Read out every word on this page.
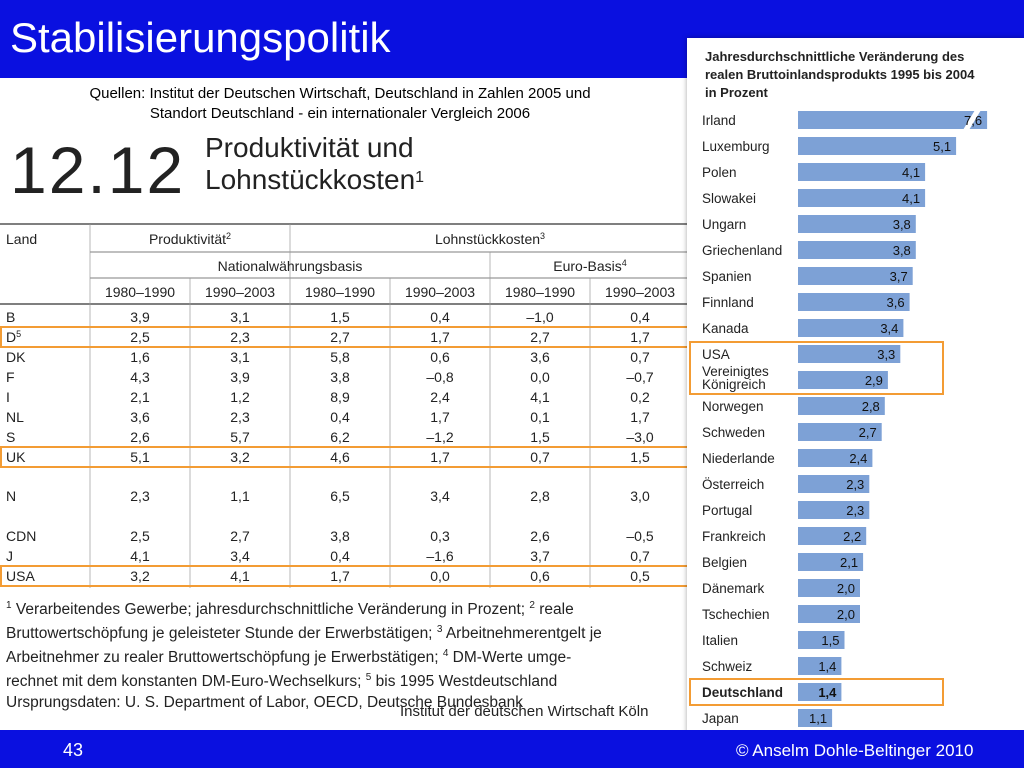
Stabilisierungspolitik
Quellen: Institut der Deutschen Wirtschaft, Deutschland in Zahlen 2005 und
Standort Deutschland - ein internationaler Vergleich 2006
12.12 Produktivität und
Lohnstückkosten$^1$
Land	Produktivität$^2$	Lohnstückkosten$^3$
Nationalwährungsbasis	Euro-Basis$^4$
1980–1990 1990–2003 1980–1990 1990–2003 1980–1990 1990–2003
B	3,9	3,1	1,5	0,4	–1,0	0,4
$D^5$	2,5	2,3	2,7	1,7	2,7	1,7
DK	1,6	3,1	5,8	0,6	3,6	0,7
F	4,3	3,9	3,8	–0,8	0,0	–0,7
I	2,1	1,2	8,9	2,4	4,1	0,2
NL	3,6	2,3	0,4	1,7	0,1	1,7
S	2,6	5,7	6,2	–1,2	1,5	–3,0
UK	5,1	3,2	4,6	1,7	0,7	1,5
N	2,3	1,1	6,5	3,4	2,8	3,0
CDN	2,5	2,7	3,8	0,3	2,6	–0,5
J	4,1	3,4	0,4	–1,6	3,7	0,7
USA	3,2	4,1	1,7	0,0	0,6	0,5
$^1$ Verarbeitendes Gewerbe; jahresdurchschnittliche Veränderung in Prozent; $^2$ reale
Bruttowertschöpfung je geleisteter Stunde der Erwerbstätigen; $^3$ Arbeitnehmerentgelt je
Arbeitnehmer zu realer Bruttowertschöpfung je Erwerbstätigen; $^4$ DM-Werte umge-
rechnet mit dem konstanten DM-Euro-Wechselkurs; $^5$ bis 1995 Westdeutschland
Ursprungsdaten: U. S. Department of Labor, OECD, Deutsche Bundesbank
Institut der deutschen Wirtschaft Köln
Irland	7,6
Luxemburg	5,1
Polen	4,1
Slowakei	4,1
Ungarn	3,8
Griechenland	3,8
Spanien	3,7
Finnland	3,6
Kanada	3,4
USA	3,3
Vereinigtes
Königreich	2,9
Norwegen	2,8
Schweden	2,7
Niederlande	2,4
Österreich	2,3
Portugal	2,3
Frankreich	2,2
Belgien	2,1
Dänemark	2,0
Tschechien	2,0
Italien	1,5
Schweiz	1,4
Deutschland	1,4
Japan	1,1
Jahresdurchschnittliche Veränderung des
realen Bruttoinlandsprodukts 1995 bis 2004
in Prozent
43	© Anselm Dohle-Beltinger 2010
